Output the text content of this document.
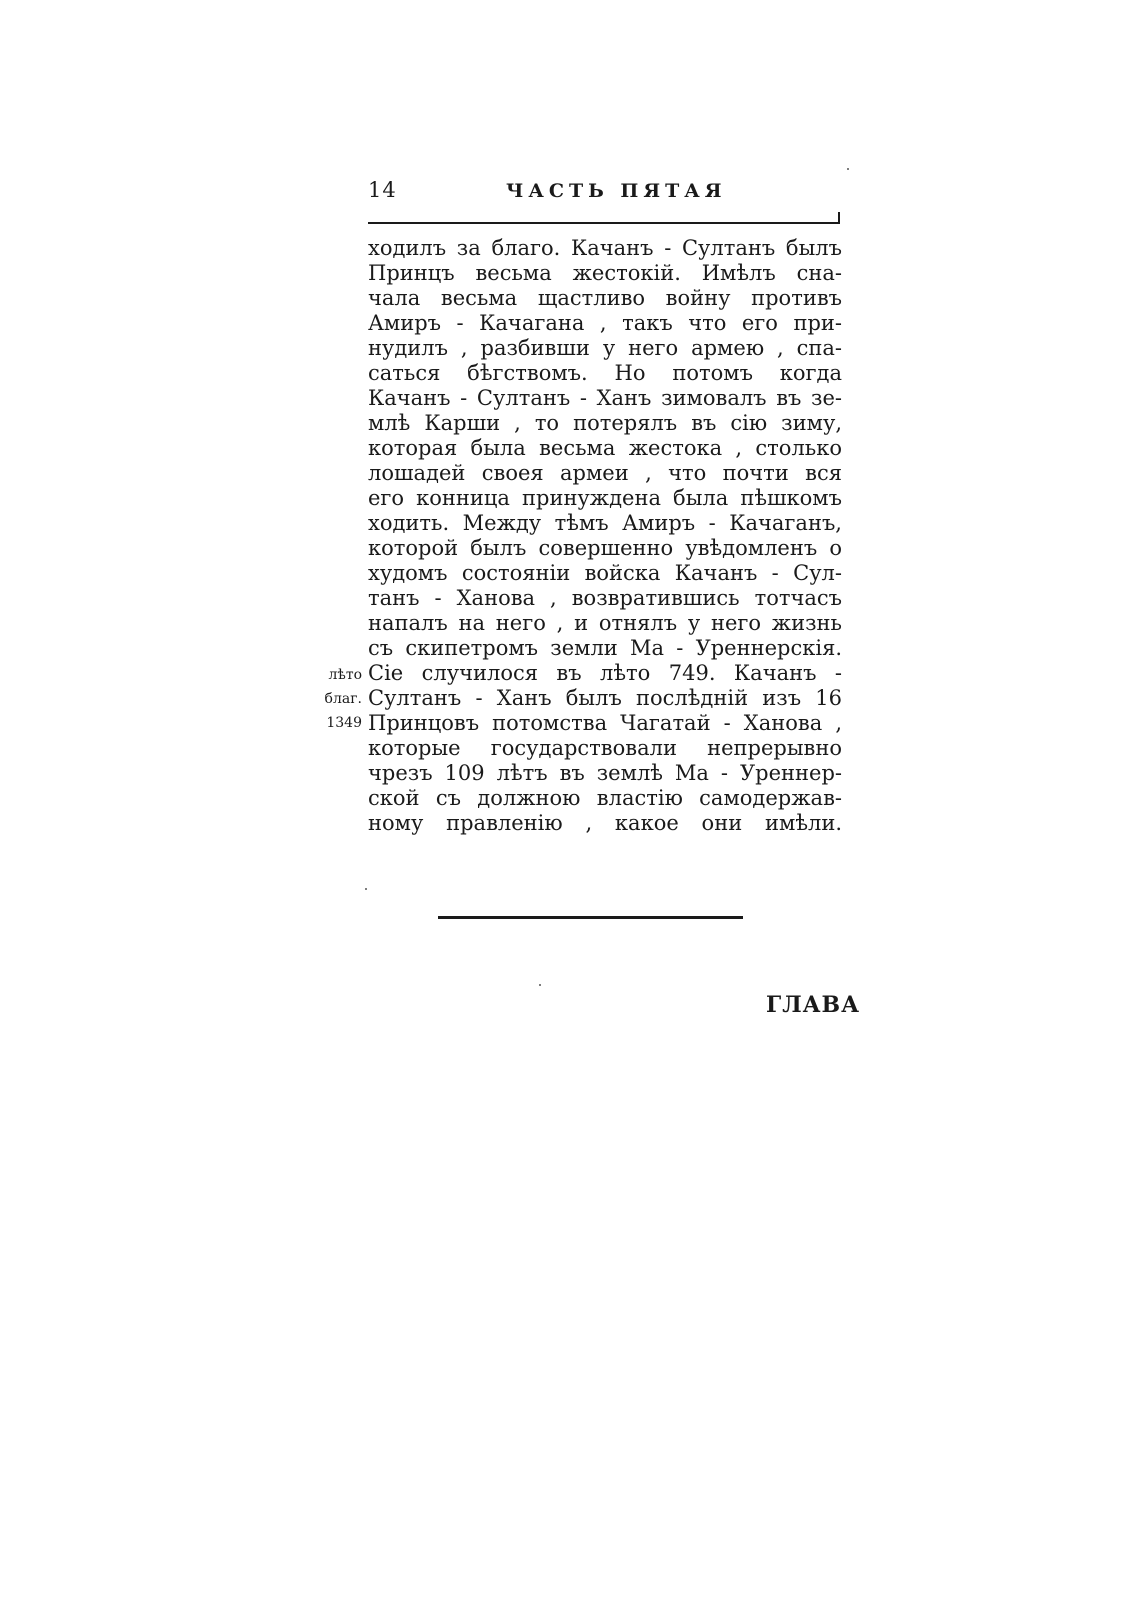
14	ЧАСТЬ ПЯТАЯ
ходилъ за благо. Качанъ - Султанъ былъ
Принцъ весьма жестокій. Имѣлъ сна-
чала весьма щастливо войну противъ
Амиръ - Качагана , такъ что его при-
нудилъ , разбивши у него армею , спа-
саться бѣгствомъ. Но потомъ когда
Качанъ - Султанъ - Ханъ зимовалъ въ зе-
млѣ Карши , то потерялъ въ сію зиму,
которая была весьма жестока , столько
лошадей своея армеи , что почти вся
его конница принуждена была пѣшкомъ
ходить. Между тѣмъ Амиръ - Качаганъ,
которой былъ совершенно увѣдомленъ о
худомъ состояніи войска Качанъ - Сул-
танъ - Ханова , возвратившись тотчасъ
напалъ на него , и отнялъ у него жизнь
съ скипетромъ земли Ма - Уреннерскія.
Сіе случилося въ лѣто 749. Качанъ -
Султанъ - Ханъ былъ послѣдній изъ 16
Принцовъ потомства Чагатай - Ханова ,
которые государствовали непрерывно
чрезъ 109 лѣтъ въ землѣ Ма - Уреннер-
ской съ должною властію самодержав-
ному правленію , какое они имѣли.
лѣто
благ.
1349
ГЛАВА
